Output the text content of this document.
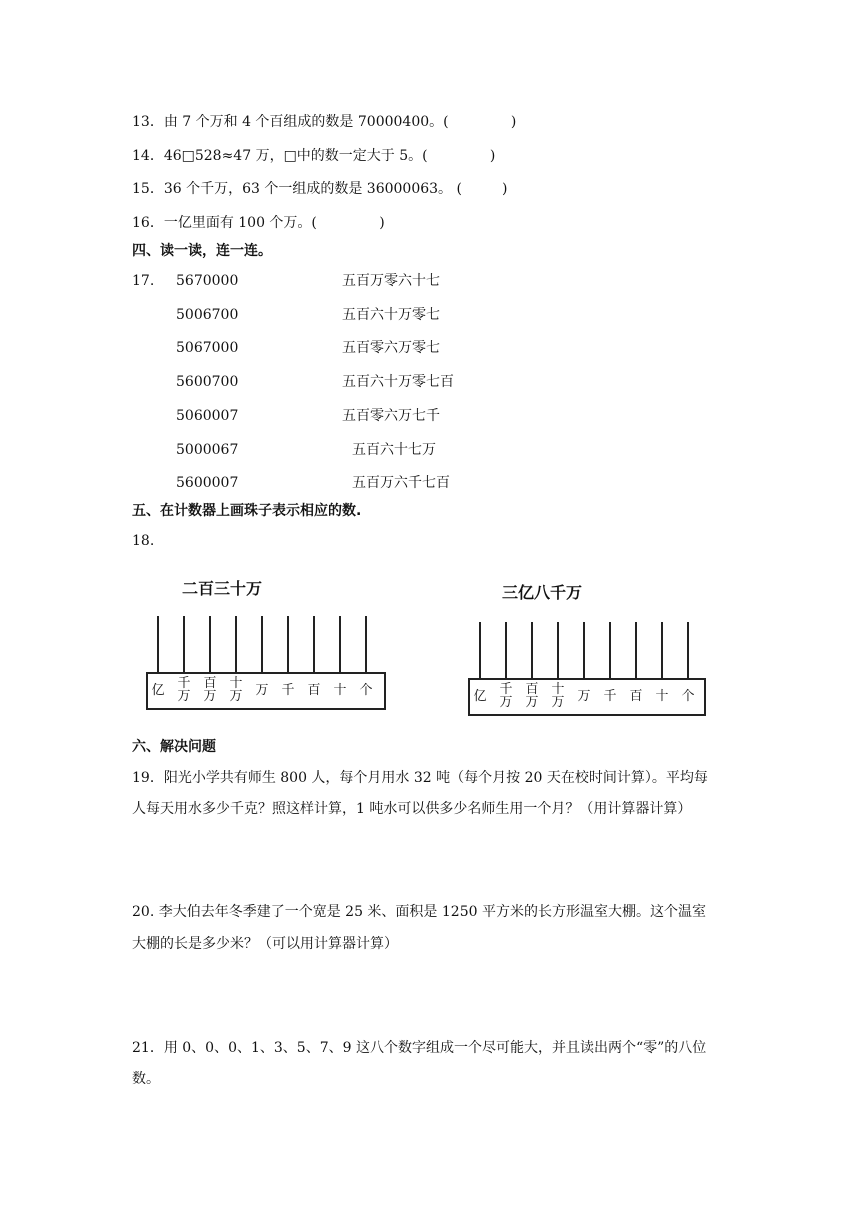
13．由 7 个万和 4 个百组成的数是 70000400。(              )
14．46□528≈47 万，□中的数一定大于 5。(              )
15．36 个千万，63 个一组成的数是 36000063。 (         )
16．一亿里面有 100 个万。(              )
四、读一读，连一连。
17. 5670000
5006700
5067000
5600700
5060007
5000067
5600007
五百万零六十七
五百六十万零七
五百零六万零七
五百六十万零七百
五百零六万七千
五百六十七万
五百万六千七百
五、在计数器上画珠子表示相应的数.
18.
二百三十万
亿 千
万
百
万
十
万 万 千 百 十 个
三亿八千万
亿 千
万
百
万
十
万 万 千 百 十 个
六、解决问题
19．阳光小学共有师生 800 人，每个月用水 32 吨（每个月按 20 天在校时间计算）。平均每
人每天用水多少千克？照这样计算，1 吨水可以供多少名师生用一个月？（用计算器计算）
20. 李大伯去年冬季建了一个宽是 25 米、面积是 1250 平方米的长方形温室大棚。这个温室
大棚的长是多少米？（可以用计算器计算）
21．用 0、0、0、1、3、5、7、9 这八个数字组成一个尽可能大，并且读出两个“零”的八位
数。
